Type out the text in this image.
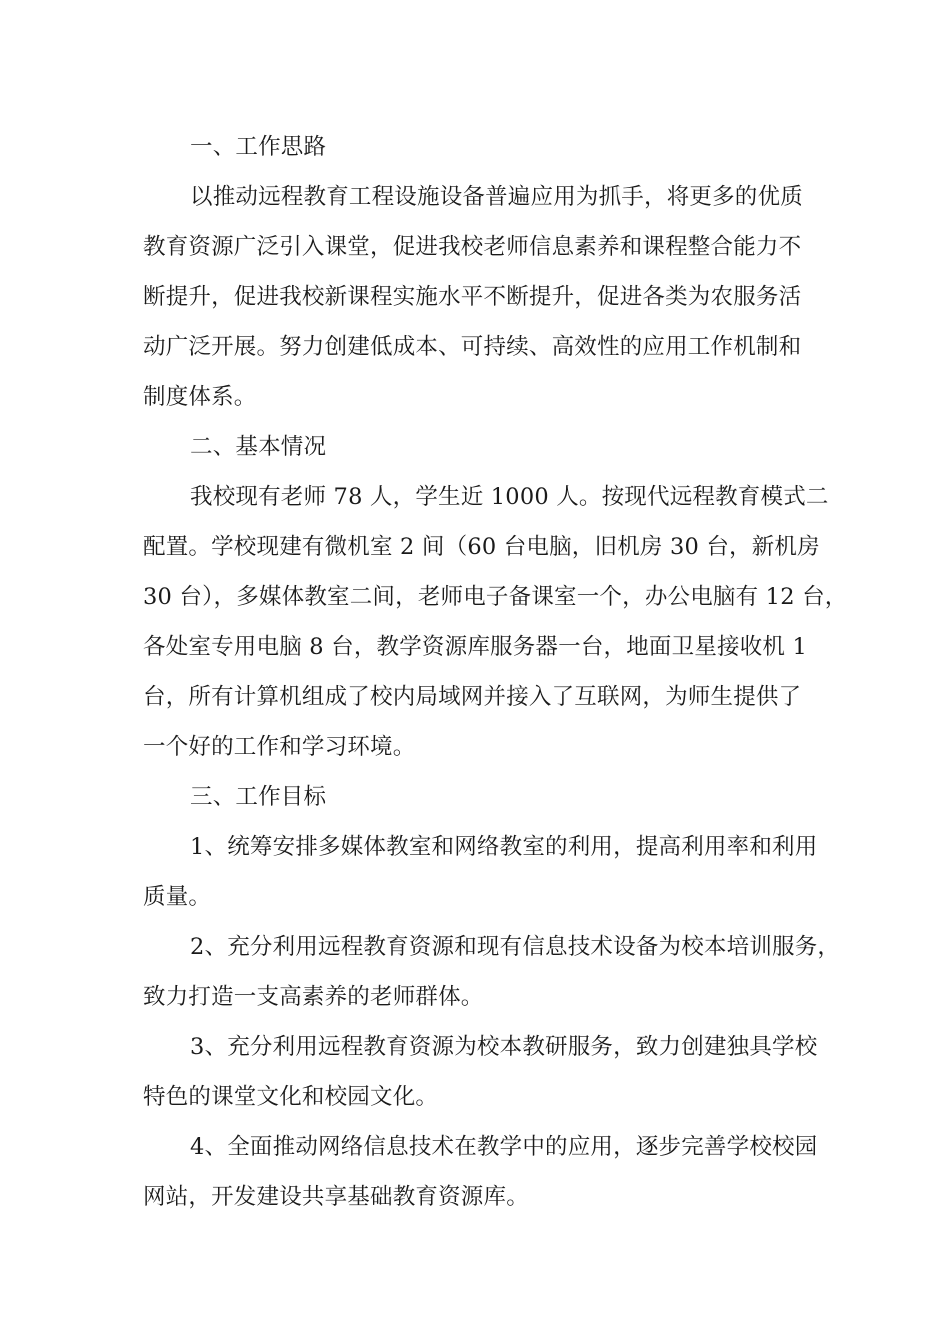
一、工作思路
以推动远程教育工程设施设备普遍应用为抓手，将更多的优质
教育资源广泛引入课堂，促进我校老师信息素养和课程整合能力不
断提升，促进我校新课程实施水平不断提升，促进各类为农服务活
动广泛开展。努力创建低成本、可持续、高效性的应用工作机制和
制度体系。
二、基本情况
我校现有老师 78 人，学生近 1000 人。按现代远程教育模式二
配置。学校现建有微机室 2 间（60 台电脑，旧机房 30 台，新机房
30 台），多媒体教室二间，老师电子备课室一个，办公电脑有 12 台，
各处室专用电脑 8 台，教学资源库服务器一台，地面卫星接收机 1
台，所有计算机组成了校内局域网并接入了互联网，为师生提供了
一个好的工作和学习环境。
三、工作目标
1、统筹安排多媒体教室和网络教室的利用，提高利用率和利用
质量。
2、充分利用远程教育资源和现有信息技术设备为校本培训服务，
致力打造一支高素养的老师群体。
3、充分利用远程教育资源为校本教研服务，致力创建独具学校
特色的课堂文化和校园文化。
4、全面推动网络信息技术在教学中的应用，逐步完善学校校园
网站，开发建设共享基础教育资源库。
